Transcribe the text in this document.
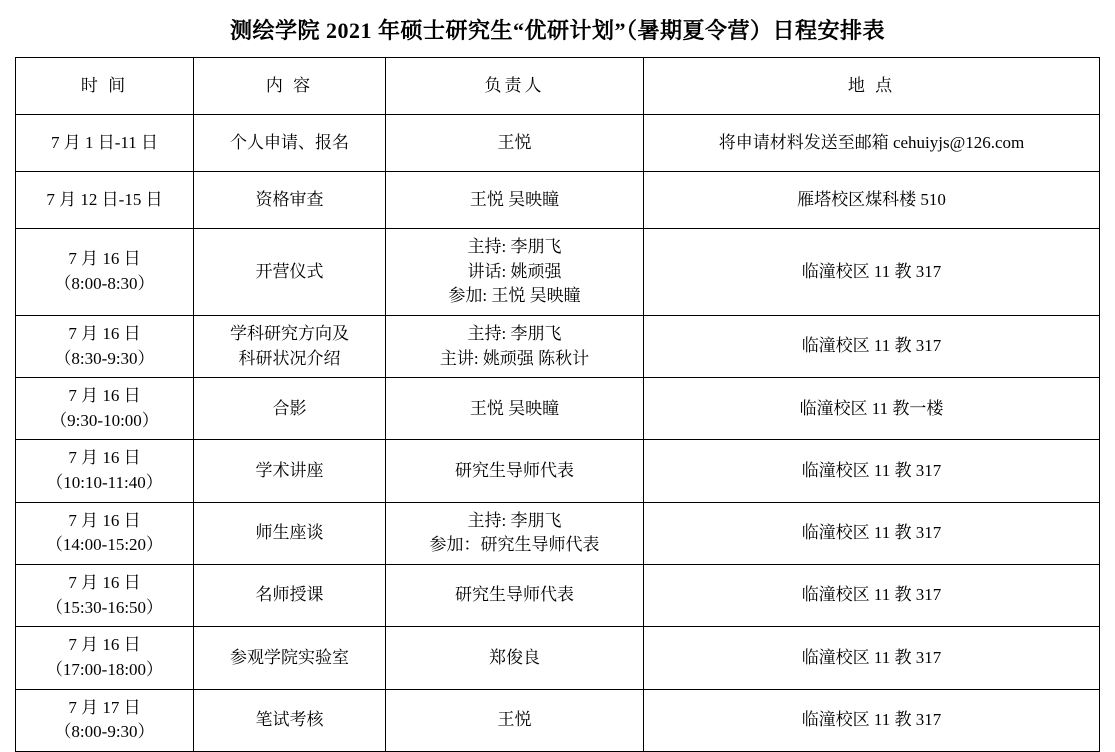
测绘学院 2021 年硕士研究生“优研计划”（暑期夏令营）日程安排表
时 间	内 容	负责人	地 点

7 月 1 日-11 日	个人申请、报名	王悦	将申请材料发送至邮箱 cehuiyjs@126.com

7 月 12 日-15 日	资格审查	王悦 吴映瞳	雁塔校区煤科楼 510

7 月 16 日
（8:00-8:30）	开营仪式	主持: 李朋飞
讲话: 姚顽强
参加: 王悦 吴映瞳	临潼校区 11 教 317

7 月 16 日
（8:30-9:30）	学科研究方向及
科研状况介绍	主持: 李朋飞
主讲: 姚顽强 陈秋计	临潼校区 11 教 317

7 月 16 日
（9:30-10:00）	合影	王悦 吴映瞳	临潼校区 11 教一楼

7 月 16 日
（10:10-11:40）	学术讲座	研究生导师代表	临潼校区 11 教 317

7 月 16 日
（14:00-15:20）	师生座谈	主持: 李朋飞
参加：研究生导师代表	临潼校区 11 教 317

7 月 16 日
（15:30-16:50）	名师授课	研究生导师代表	临潼校区 11 教 317

7 月 16 日
（17:00-18:00）	参观学院实验室	郑俊良	临潼校区 11 教 317

7 月 17 日
（8:00-9:30）	笔试考核	王悦	临潼校区 11 教 317
